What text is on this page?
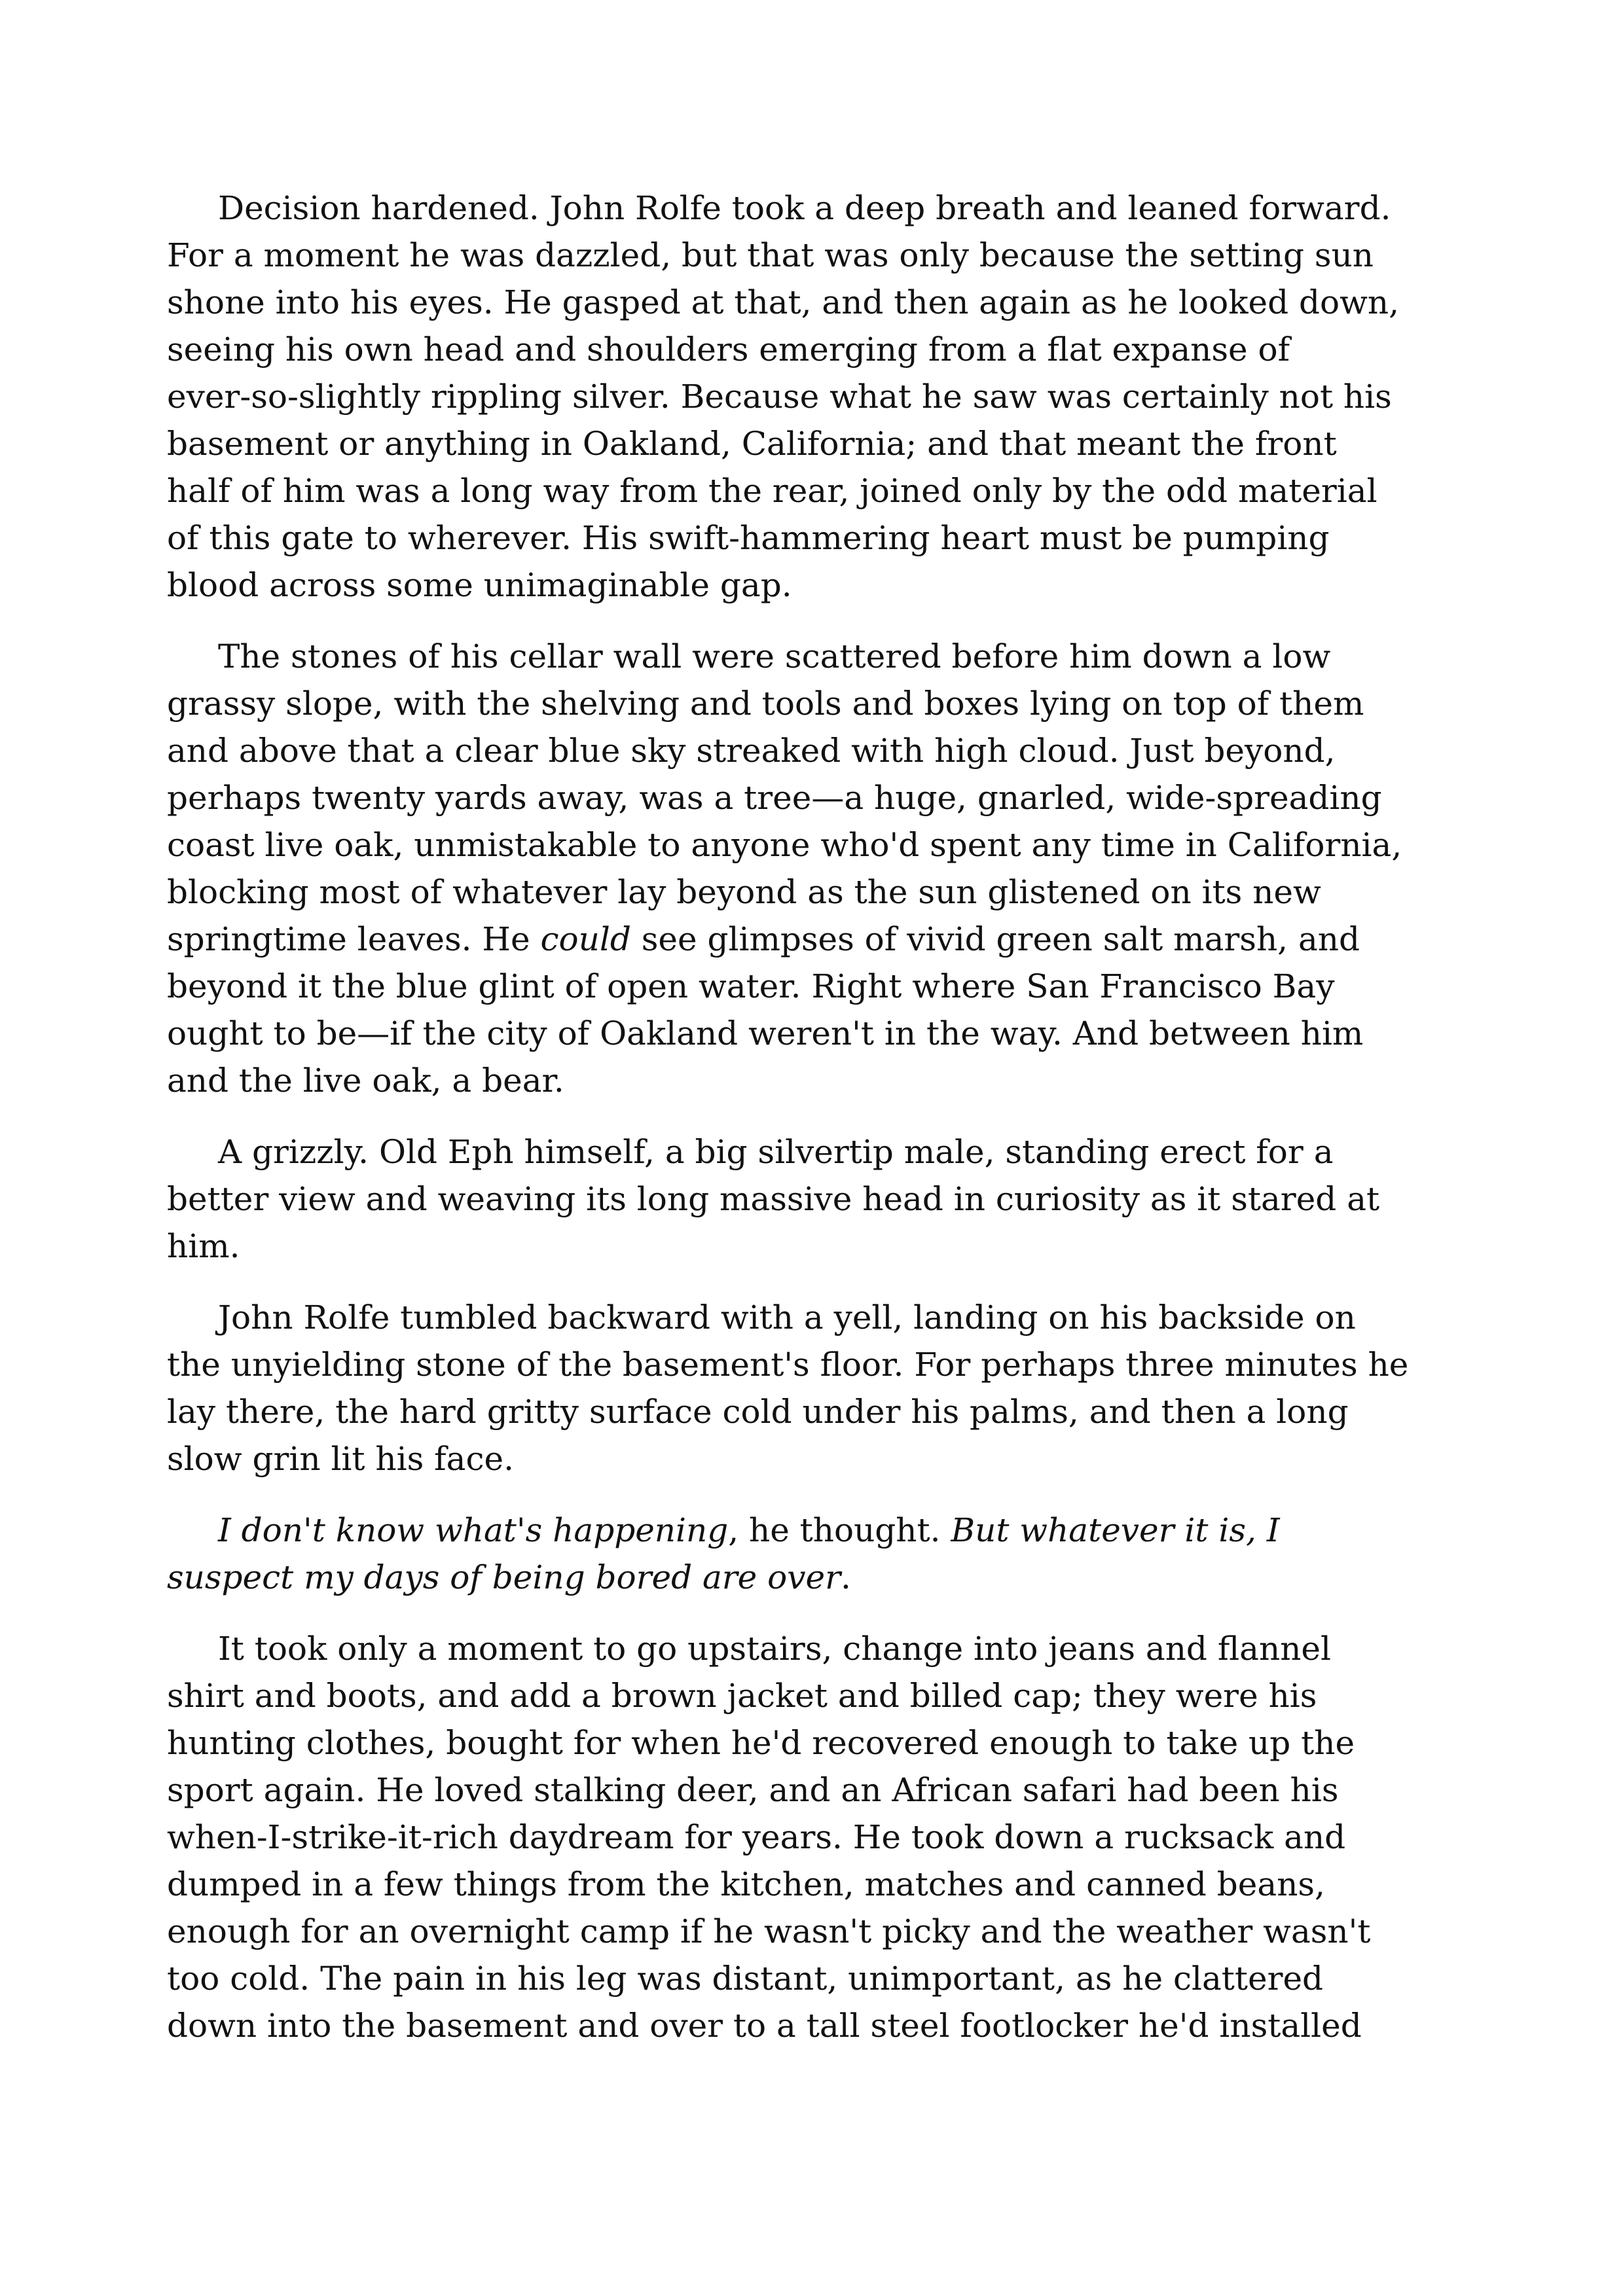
Decision hardened. John Rolfe took a deep breath and leaned forward.
For a moment he was dazzled, but that was only because the setting sun
shone into his eyes. He gasped at that, and then again as he looked down,
seeing his own head and shoulders emerging from a flat expanse of
ever-so-slightly rippling silver. Because what he saw was certainly not his
basement or anything in Oakland, California; and that meant the front
half of him was a long way from the rear, joined only by the odd material
of this gate to wherever. His swift-hammering heart must be pumping
blood across some unimaginable gap.

The stones of his cellar wall were scattered before him down a low
grassy slope, with the shelving and tools and boxes lying on top of them
and above that a clear blue sky streaked with high cloud. Just beyond,
perhaps twenty yards away, was a tree—a huge, gnarled, wide-spreading
coast live oak, unmistakable to anyone who'd spent any time in California,
blocking most of whatever lay beyond as the sun glistened on its new
springtime leaves. He could see glimpses of vivid green salt marsh, and
beyond it the blue glint of open water. Right where San Francisco Bay
ought to be—if the city of Oakland weren't in the way. And between him
and the live oak, a bear.

A grizzly. Old Eph himself, a big silvertip male, standing erect for a
better view and weaving its long massive head in curiosity as it stared at
him.

John Rolfe tumbled backward with a yell, landing on his backside on
the unyielding stone of the basement's floor. For perhaps three minutes he
lay there, the hard gritty surface cold under his palms, and then a long
slow grin lit his face.

I don't know what's happening, he thought. But whatever it is, I
suspect my days of being bored are over.

It took only a moment to go upstairs, change into jeans and flannel
shirt and boots, and add a brown jacket and billed cap; they were his
hunting clothes, bought for when he'd recovered enough to take up the
sport again. He loved stalking deer, and an African safari had been his
when-I-strike-it-rich daydream for years. He took down a rucksack and
dumped in a few things from the kitchen, matches and canned beans,
enough for an overnight camp if he wasn't picky and the weather wasn't
too cold. The pain in his leg was distant, unimportant, as he clattered
down into the basement and over to a tall steel footlocker he'd installed
